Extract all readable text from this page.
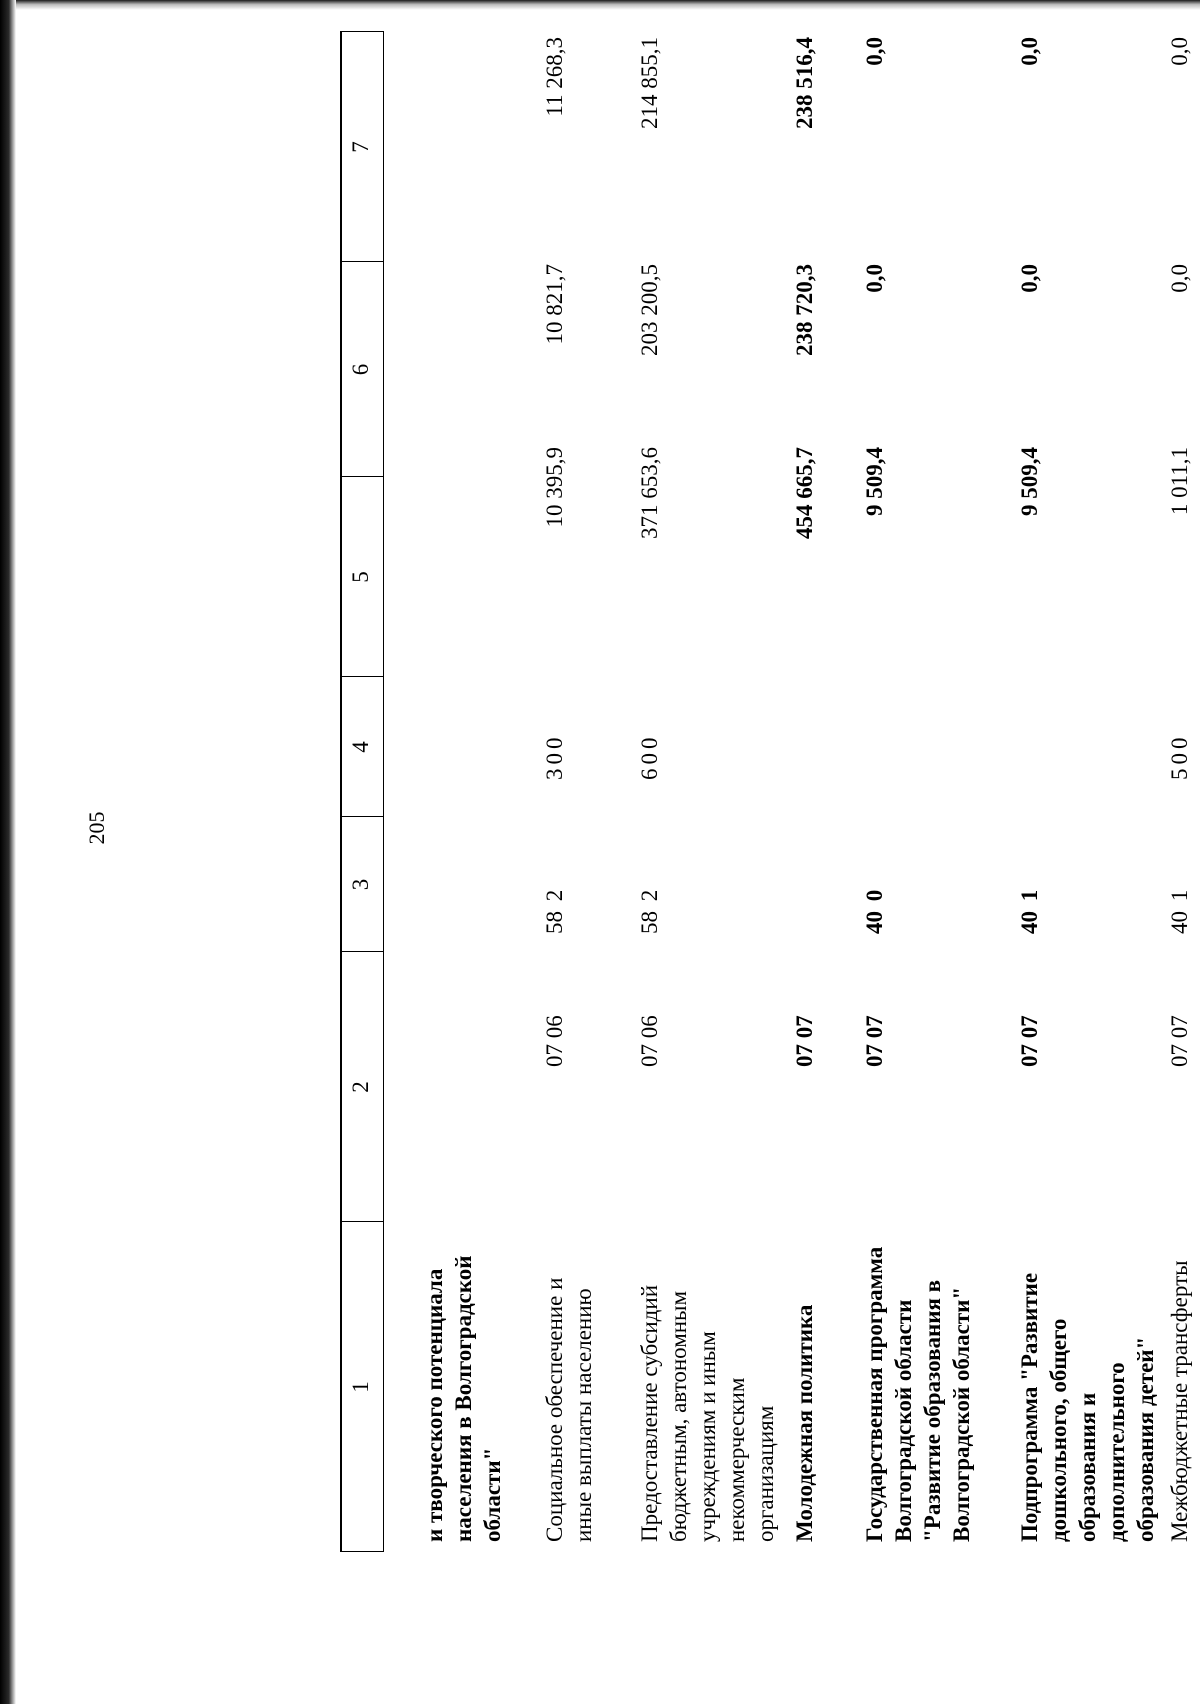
205
1
2
3
4
5
6
7
и творческого потенциала населения в Волгоградской области" Социальное обеспечение и иные выплаты населению
07 06
58 2
300
10 395,9
10 821,7
11 268,3
Предоставление субсидий бюджетным, автономным учреждениям и иным некоммерческим организациям
07 06
58 2
600
371 653,6
203 200,5
214 855,1
Молодежная политика
07 07
454 665,7
238 720,3
238 516,4
Государственная программа Волгоградской области "Развитие образования в Волгоградской области"
07 07
40 0
9 509,4
0,0
0,0
Подпрограмма "Развитие дошкольного, общего образования и дополнительного образования детей"
07 07
40 1
9 509,4
0,0
0,0
Межбюджетные трансферты
07 07
40 1
500
1 011,1
0,0
0,0
